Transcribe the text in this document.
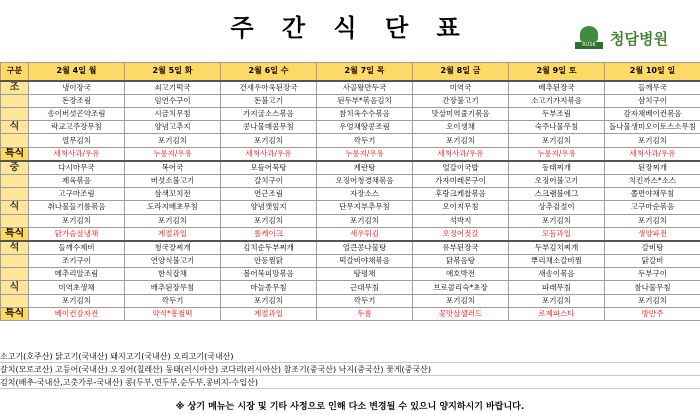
주 간 식 단 표
RUSK 청담병원
구분	2월 4일 월	2월 5일 화	2월 6일 수	2월 7일 목	2월 8일 금	2월 9일 토	2월 10일 일
조	냉이장국	쇠고기떡국	건새우아욱된장국	사골왕만두국	미역국	배추된장국	들깨무국
	돈장조림	임연수구이	돈불고기	된두부*볶음김치	간장불고기	소고기가지볶음	삼치구이
	송이버섯곤약조림	시금치무침	가지굴소스볶음	참치옥수수볶음	맛살미역줄기볶음	두부조림	감자채베이컨볶음
식	락교고주장무침	양념고추지	콩나물매콤무침	우엉채땅콩조림	오이생채	숙주나물무침	돌나물생미오이토스소무침
	열무김치	포기김치	포기김치	깍두기	포기김치	포기김치	포기김치
특식	세척사과/우유	누룽지/우유	세척사과/우유	누룽지/우유	세척사과/우유	누룽지/우유	세척사과/우유
중	다시마무국	복어국	모듬어묵탕	계란탕	얼갈이국밥	동태찌개	된장찌개
	제육볶음	버섯소불고기	갈치구이	오징어청경채볶음	가자미레몬구이	오징어불고기	치킨까스*소스
	고구마조림	삼색꼬치전	연근조림	자장소스	후랑크케찹볶음	스크램블에그	쫄면야채무침
식	취나물들기름볶음	도라지배초무침	양념깻잎지	단무지부추무침	오이지무침	상추겉절이	고구마순볶음
	포기김치	포기김치	포기김치	포기김치	석박지	포기김치	포기김치
특식	닭가슴살냉채	계절과일	롤케이크	새우튀김	오징어젓갈	모듬과일	생양파전
석	들깨수제비	청국장찌개	김치순두부찌개	얼큰콩나물탕	유부된장국	두부김치찌개	갈비탕
	조기구이	연양식불고기	안동찜닭	떡갈비야채볶음	닭볶음탕	뿌리채소갈비찜	닭갈비
	메추리알조림	한식잡채	볼어묵피망볶음	탕평채	애호박전	새송이볶음	두부구이
식	미역초생채	배추된장무침	마늘종무침	근대무침	브로콜리숙*초장	파래무침	참나물무침
	포기김치	깍두기	포기김치	깍두기	포기김치	포기김치	포기김치
특식	베이컨감자전	약식*흥철떡	계절과일	두름	꽃맛살샐러드	로제파스타	방만주
소고기(호주산) 닭고기(국내산) 돼지고기(국내산) 오리고기(국내산)
갈치(모로코산) 고등어(국내산) 오징어(칠레산) 동태(러시아산) 코다리(러시아산) 참조기(중국산) 낙지(중국산) 꽃게(중국산)
김치(배추-국내산,고춧가루-국내산) 콩(두부,연두부,순두부,콩비지-수입산)
※ 상기 메뉴는 시장 및 기타 사정으로 인해 다소 변경될 수 있으니 양지하시기 바랍니다.
